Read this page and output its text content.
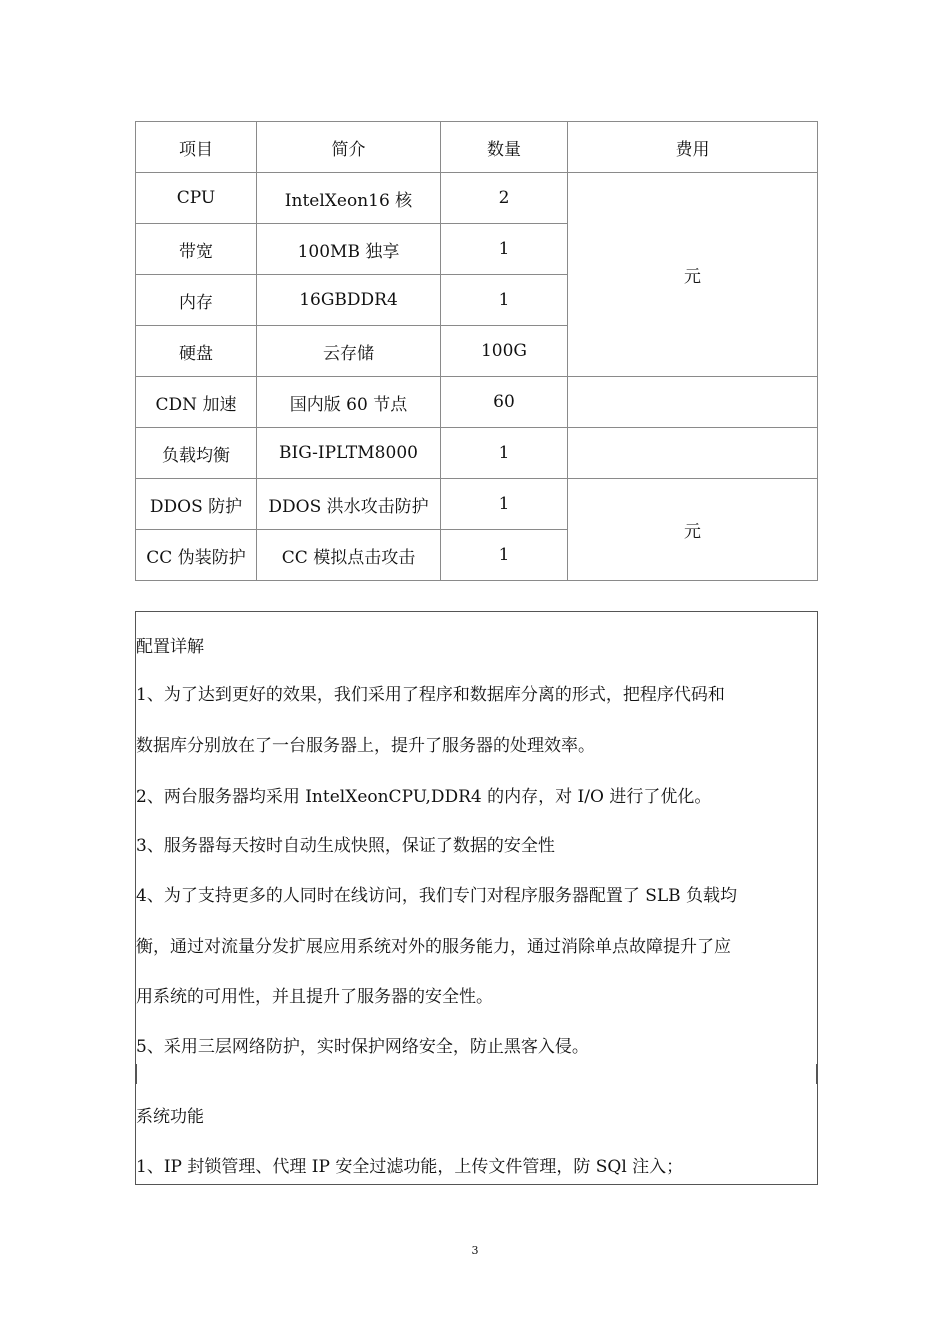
项目	简介	数量	费用
CPU	IntelXeon16 核	2	元
带宽	100MB 独享	1	
内存	16GBDDR4	1	
硬盘	云存储	100G	
CDN 加速	国内版 60 节点	60	
负载均衡	BIG-IPLTM8000	1	
DDOS 防护	DDOS 洪水攻击防护	1	元
CC 伪装防护	CC 模拟点击攻击	1	
配置详解
1、为了达到更好的效果，我们采用了程序和数据库分离的形式，把程序代码和
数据库分别放在了一台服务器上，提升了服务器的处理效率。
2、两台服务器均采用 IntelXeonCPU,DDR4 的内存，对 I/O 进行了优化。
3、服务器每天按时自动生成快照，保证了数据的安全性
4、为了支持更多的人同时在线访问，我们专门对程序服务器配置了 SLB 负载均
衡，通过对流量分发扩展应用系统对外的服务能力，通过消除单点故障提升了应
用系统的可用性，并且提升了服务器的安全性。
5、采用三层网络防护，实时保护网络安全，防止黑客入侵。
系统功能
1、IP 封锁管理、代理 IP 安全过滤功能，上传文件管理，防 SQl 注入；
3
